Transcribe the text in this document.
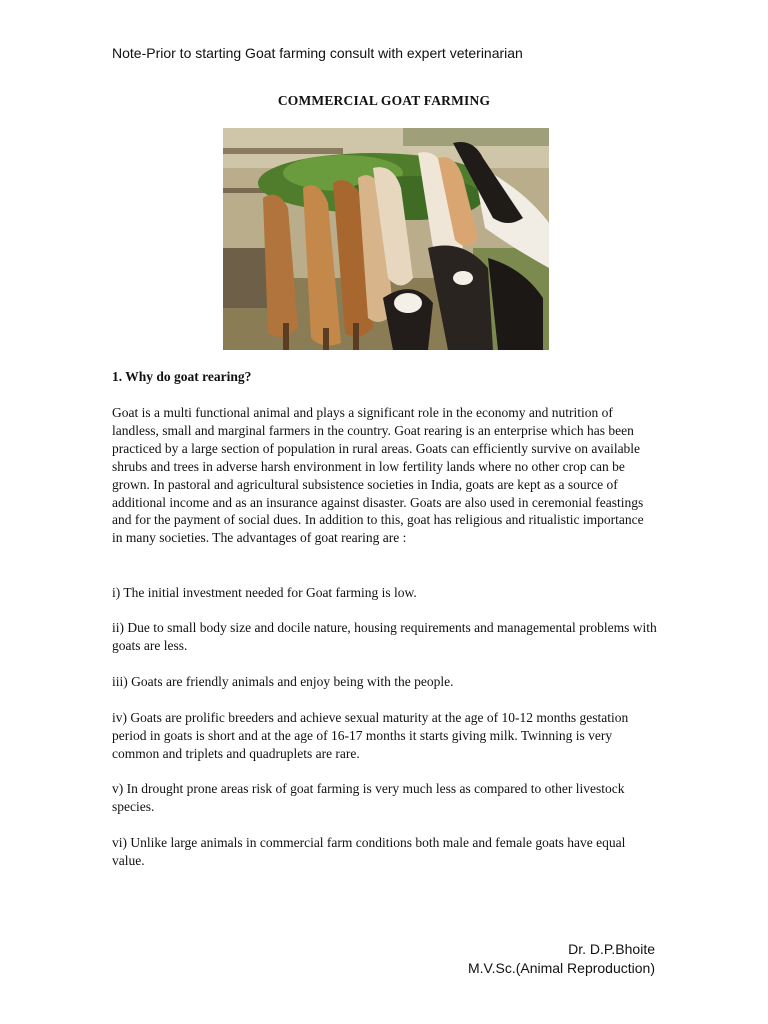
Note-Prior to starting Goat farming consult with expert veterinarian
COMMERCIAL GOAT FARMING
1. Why do goat rearing?

Goat is a multi functional animal and plays a significant role in the economy and nutrition of landless, small and marginal farmers in the country. Goat rearing is an enterprise which has been practiced by a large section of population in rural areas. Goats can efficiently survive on available shrubs and trees in adverse harsh environment in low fertility lands where no other crop can be grown. In pastoral and agricultural subsistence societies in India, goats are kept as a source of additional income and as an insurance against disaster. Goats are also used in ceremonial feastings and for the payment of social dues. In addition to this, goat has religious and ritualistic importance in many societies. The advantages of goat rearing are :

i) The initial investment needed for Goat farming is low.

ii) Due to small body size and docile nature, housing requirements and managemental problems with goats are less.

iii) Goats are friendly animals and enjoy being with the people.

iv) Goats are prolific breeders and achieve sexual maturity at the age of 10-12 months gestation period in goats is short and at the age of 16-17 months it starts giving milk. Twinning is very common and triplets and quadruplets are rare.

v) In drought prone areas risk of goat farming is very much less as compared to other livestock species.

vi) Unlike large animals in commercial farm conditions both male and female goats have equal value.

Dr. D.P.Bhoite
M.V.Sc.(Animal Reproduction)
